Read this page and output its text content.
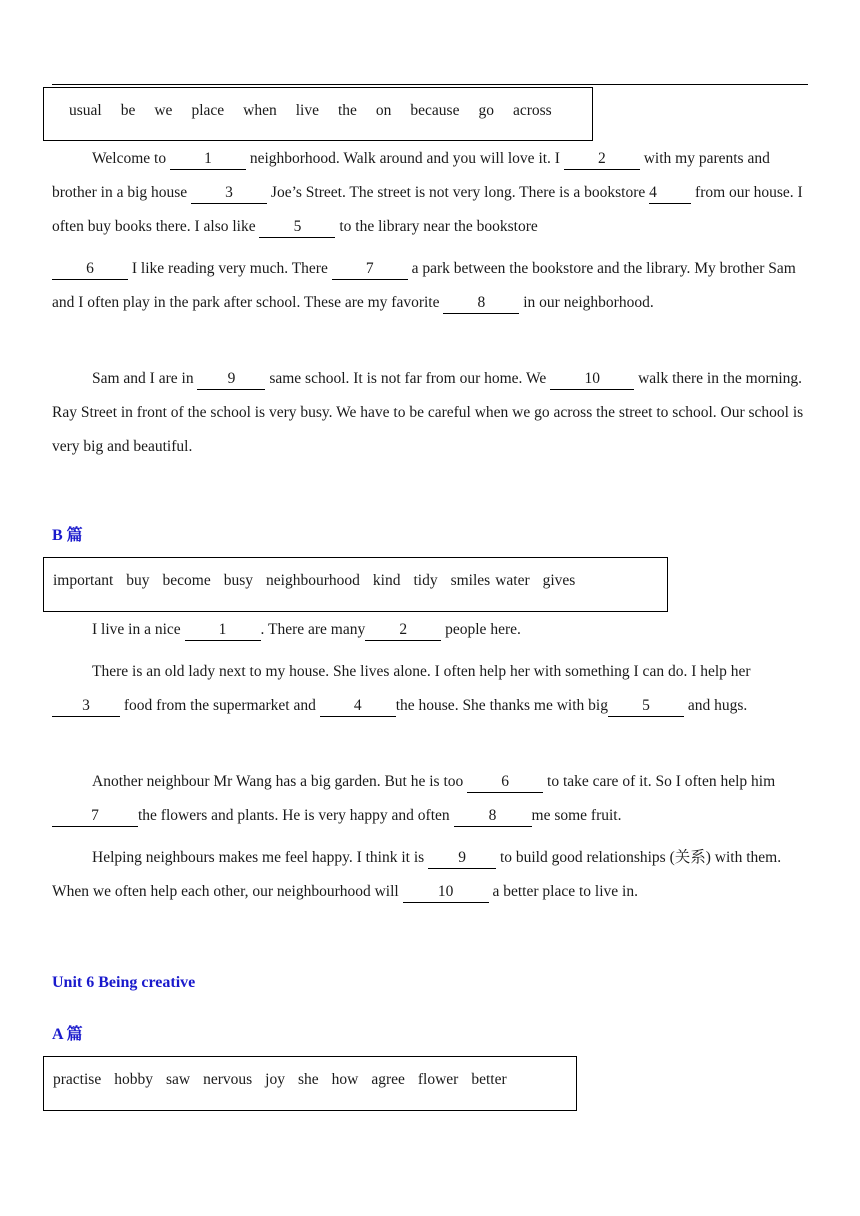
usual be we place when live the on because go across
Welcome to 1 neighborhood. Walk around and you will love it. I 2 with my parents and brother in a big house 3 Joe’s Street. The street is not very long. There is a bookstore 4 from our house. I often buy books there. I also like 5 to the library near the bookstore
6 I like reading very much. There 7 a park between the bookstore and the library. My brother Sam and I often play in the park after school. These are my favorite 8 in our neighborhood.
Sam and I are in 9 same school. It is not far from our home. We 10 walk there in the morning. Ray Street in front of the school is very busy. We have to be careful when we go across the street to school. Our school is very big and beautiful.
B 篇
important buy become busy neighbourhood kind tidy smiles water gives
I live in a nice 1 . There are many 2 people here.
There is an old lady next to my house. She lives alone. I often help her with something I can do. I help her 3 food from the supermarket and 4 the house. She thanks me with big 5 and hugs.
Another neighbour Mr Wang has a big garden. But he is too 6 to take care of it. So I often help him 7	the flowers and plants. He is very happy and often 8 me some fruit.
Helping neighbours makes me feel happy. I think it is 9 to build good relationships (关系) with them. When we often help each other, our neighbourhood will 10 a better place to live in.
Unit 6 Being creative
A 篇
practise hobby saw nervous joy she how agree flower better
